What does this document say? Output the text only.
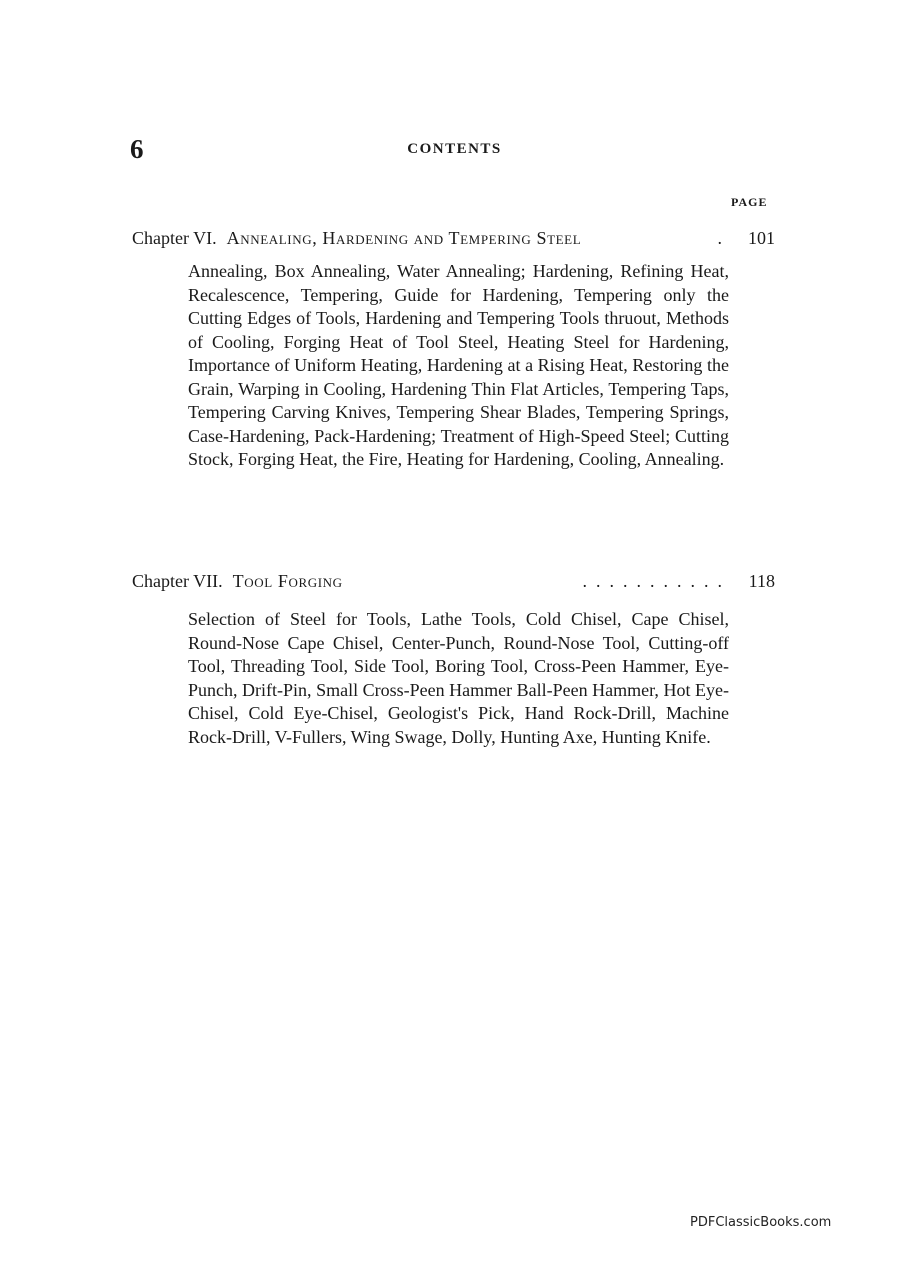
6	CONTENTS
PAGE
Chapter VI. Annealing, Hardening and Tempering Steel	. 101

Annealing, Box Annealing, Water Annealing; Hardening, Refining Heat, Recalescence, Tempering, Guide for Hardening, Tempering only the Cutting Edges of Tools, Hardening and Tempering Tools thruout, Methods of Cooling, Forging Heat of Tool Steel, Heating Steel for Hardening, Importance of Uniform Heating, Hardening at a Rising Heat, Restoring the Grain, Warping in Cooling, Hardening Thin Flat Articles, Tempering Taps, Tempering Carving Knives, Tempering Shear Blades, Tempering Springs, Case-Hardening, Pack-Hardening; Treatment of High-Speed Steel; Cutting Stock, Forging Heat, the Fire, Heating for Hardening, Cooling, Annealing.

Chapter VII. Tool Forging	........... 118

Selection of Steel for Tools, Lathe Tools, Cold Chisel, Cape Chisel, Round-Nose Cape Chisel, Center-Punch, Round-Nose Tool, Cutting-off Tool, Threading Tool, Side Tool, Boring Tool, Cross-Peen Hammer, Eye-Punch, Drift-Pin, Small Cross-Peen Hammer Ball-Peen Hammer, Hot Eye-Chisel, Cold Eye-Chisel, Geologist's Pick, Hand Rock-Drill, Machine Rock-Drill, V-Fullers, Wing Swage, Dolly, Hunting Axe, Hunting Knife.

PDFClassicBooks.com
